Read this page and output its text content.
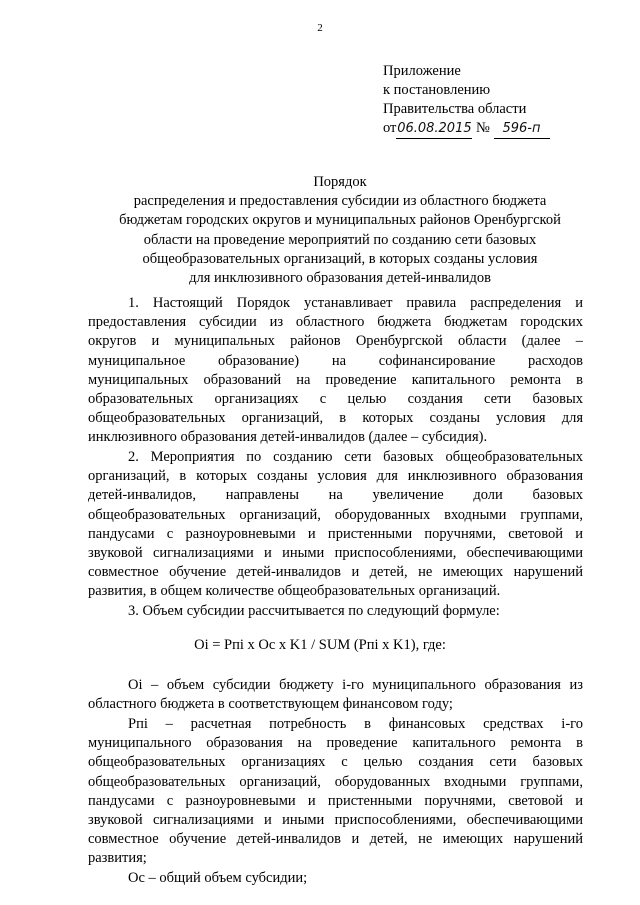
2
Приложение
к постановлению
Правительства области
от06.08.2015 № 596-п
Порядок
распределения и предоставления субсидии из областного бюджета
бюджетам городских округов и муниципальных районов Оренбургской
области на проведение мероприятий по созданию сети базовых
общеобразовательных организаций, в которых созданы условия
для инклюзивного образования детей-инвалидов
1. Настоящий Порядок устанавливает правила распределения и
предоставления субсидии из областного бюджета бюджетам городских
округов и муниципальных районов Оренбургской области (далее –
муниципальное образование) на софинансирование расходов
муниципальных образований на проведение капитального ремонта в
образовательных организациях с целью создания сети базовых
общеобразовательных организаций, в которых созданы условия для
инклюзивного образования детей-инвалидов (далее – субсидия).
2. Мероприятия по созданию сети базовых общеобразовательных
организаций, в которых созданы условия для инклюзивного образования
детей-инвалидов, направлены на увеличение доли базовых
общеобразовательных организаций, оборудованных входными группами,
пандусами с разноуровневыми и пристенными поручнями, световой и
звуковой сигнализациями и иными приспособлениями, обеспечивающими
совместное обучение детей-инвалидов и детей, не имеющих нарушений
развития, в общем количестве общеобразовательных организаций.
3. Объем субсидии рассчитывается по следующий формуле:
Oi = Pпi x Oc x K1 / SUM (Pпi x K1), где:
Oi – объем субсидии бюджету i-го муниципального образования из
областного бюджета в соответствующем финансовом году;
Pпi – расчетная потребность в финансовых средствах i-го
муниципального образования на проведение капитального ремонта в
общеобразовательных организациях с целью создания сети базовых
общеобразовательных организаций, оборудованных входными группами,
пандусами с разноуровневыми и пристенными поручнями, световой и
звуковой сигнализациями и иными приспособлениями, обеспечивающими
совместное обучение детей-инвалидов и детей, не имеющих нарушений
развития;
Oc – общий объем субсидии;
